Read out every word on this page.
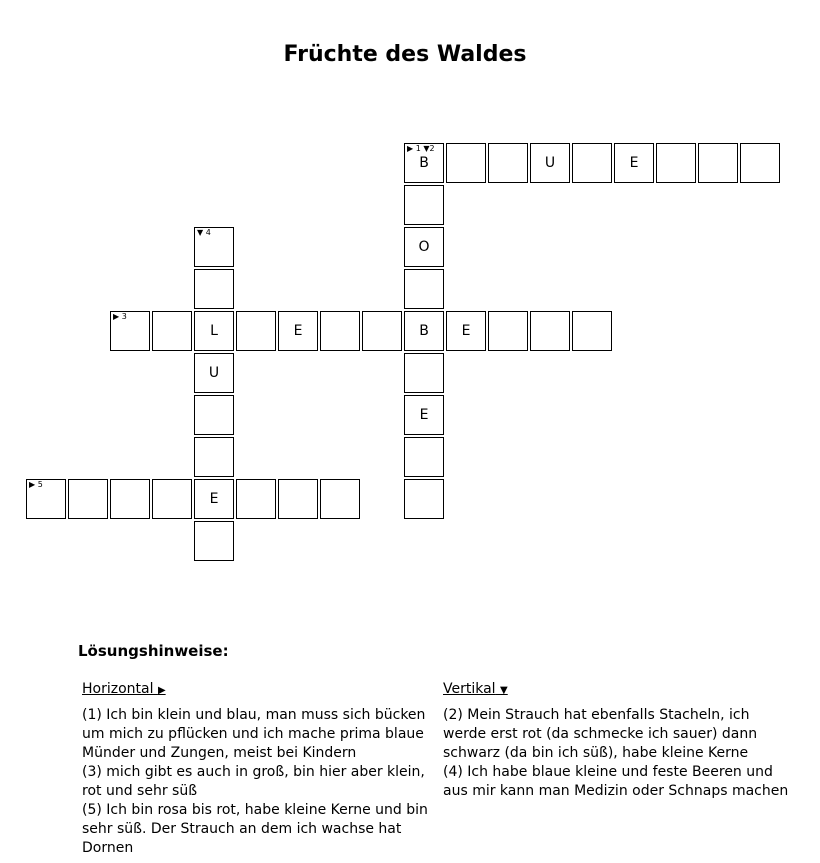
Früchte des Waldes
▶ 1 ▼2
B	U	E
O
B
E
▶ 3
L	E	E
▼ 4
U
E
▶ 5
Lösungshinweise:
Horizontal ▶
(1) Ich bin klein und blau, man muss sich bücken um mich zu pflücken und ich mache prima blaue Münder und Zungen, meist bei Kindern
(3) mich gibt es auch in groß, bin hier aber klein, rot und sehr süß
(5) Ich bin rosa bis rot, habe kleine Kerne und bin sehr süß. Der Strauch an dem ich wachse hat Dornen
Vertikal ▼
(2) Mein Strauch hat ebenfalls Stacheln, ich werde erst rot (da schmecke ich sauer) dann schwarz (da bin ich süß), habe kleine Kerne
(4) Ich habe blaue kleine und feste Beeren und aus mir kann man Medizin oder Schnaps machen
